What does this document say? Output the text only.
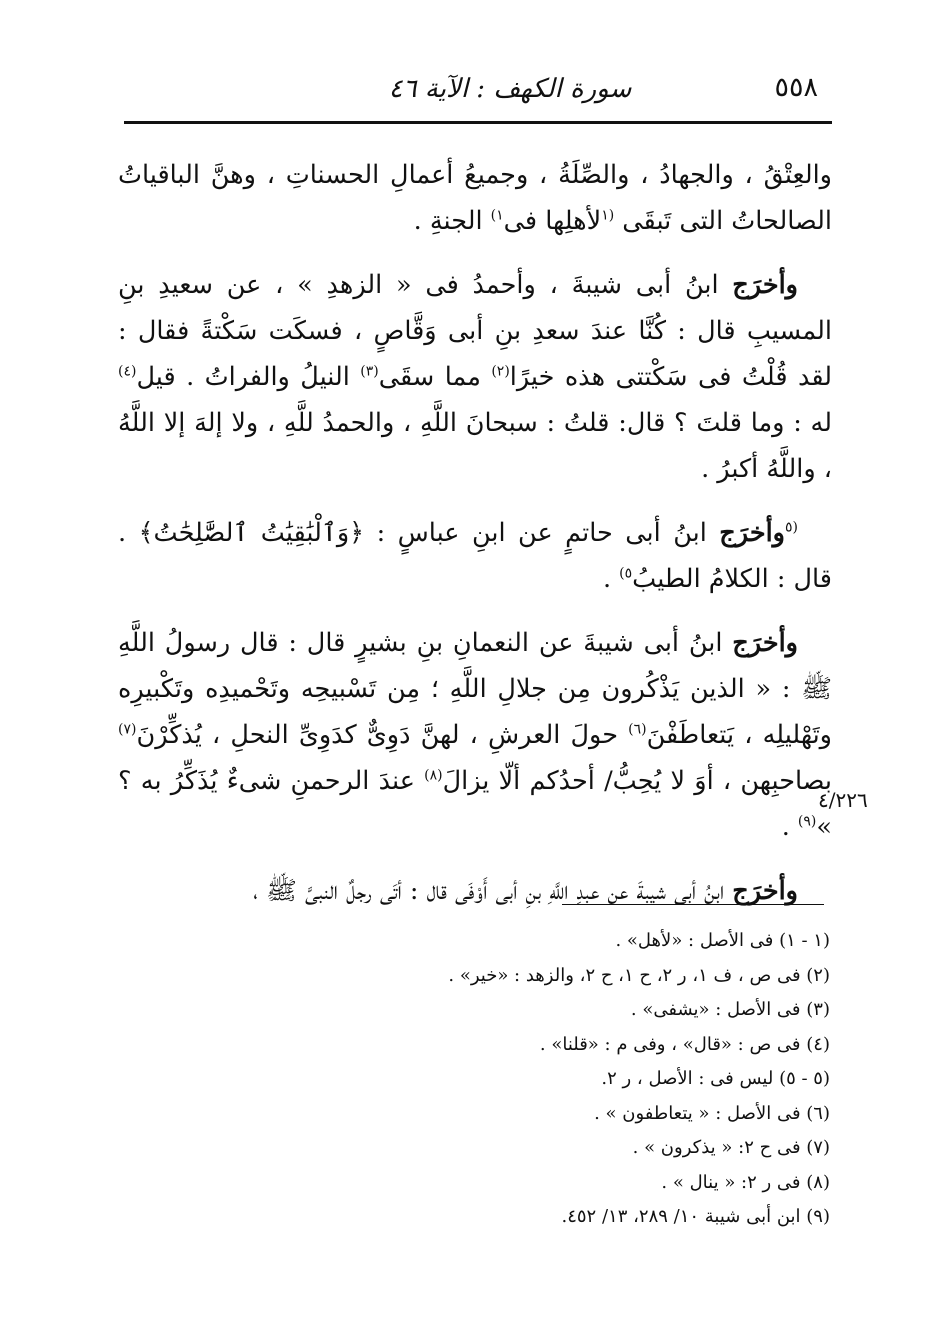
٥٥٨
سورة الكهف : الآية ٤٦

والعِتْقُ ، والجهادُ ، والصِّلَةُ ، وجميعُ أعمالِ الحسناتِ ، وهنَّ الباقياتُ الصالحاتُ التى تَبقَى $^{(١}$لأهلِها فى$^{١)}$ الجنةِ .

وأخرَج ابنُ أبى شيبةَ ، وأحمدُ فى « الزهدِ » ، عن سعيدِ بنِ المسيبِ قال : كُنَّا عندَ سعدِ بنِ أبى وَقَّاصٍ ، فسكَت سَكْتةً فقال : لقد قُلْتُ فى سَكْتتى هذه خيرًا$^{(٢)}$ مما سقَى$^{(٣)}$ النيلُ والفراتُ . قيل$^{(٤)}$ له : وما قلتَ ؟ قال: قلتُ : سبحانَ اللَّهِ ، والحمدُ للَّهِ ، ولا إلهَ إلا اللَّهُ ، واللَّهُ أكبرُ .

$^{(٥}$وأخرَج ابنُ أبى حاتمٍ عن ابنِ عباسٍ : ﴿وَٱلْبَٰقِيَٰتُ ٱلصَّٰلِحَٰتُ﴾ . قال : الكلامُ الطيبُ$^{٥)}$ .

وأخرَج ابنُ أبى شيبةَ عن النعمانِ بنِ بشيرٍ قال : قال رسولُ اللَّهِ ﷺ : « الذين يَذْكُرون مِن جلالِ اللَّهِ ؛ مِن تَسْبيحِه وتَحْميدِه وتَكْبيرِه وتَهْليلِه ، يَتعاطَفْنَ$^{(٦)}$ حولَ العرشِ ، لهنَّ دَوِىٌّ كدَوِىِّ النحلِ ، يُذكِّرْنَ$^{(٧)}$ بصاحبِهن ، أوَ لا يُحِبُّ/ أحدُكم ألّا يزالَ$^{(٨)}$ عندَ الرحمنِ شىءٌ يُذَكِّرُ به ؟ »$^{(٩)}$ .

وأخرَج ابنُ أبى شيبةَ عن عبدِ اللَّهِ بنِ أبى أَوْفَى قال : أتَى رجلٌ النبىَّ ﷺ ،

٤/٢٢٦
(١ - ١) فى الأصل : «لأهل» .
(٢) فى ص ، ف ١، ر ٢، ح ١، ح ٢، والزهد : «خير» .
(٣) فى الأصل : «يشفى» .
(٤) فى ص : «قال» ، وفى م : «قلنا» .
(٥ - ٥) ليس فى : الأصل ، ر ٢.
(٦) فى الأصل : « يتعاطفون » .
(٧) فى ح ٢: « يذكرون » .
(٨) فى ر ٢: « ينال » .
(٩) ابن أبى شيبة ١٠/ ٢٨٩، ١٣/ ٤٥٢.
